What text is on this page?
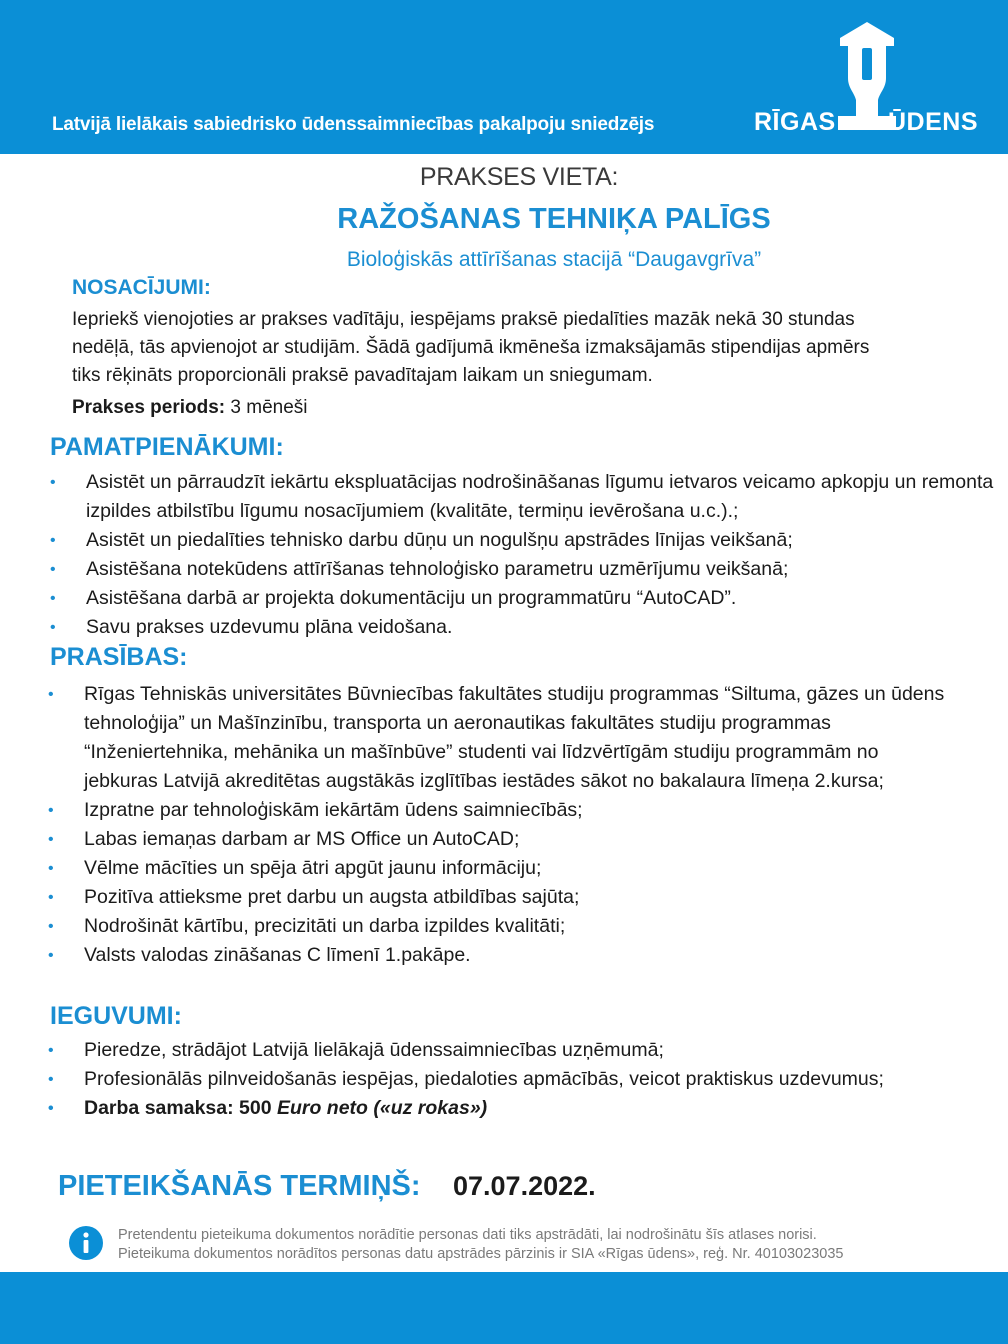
Latvijā lielākais sabiedrisko ūdenssaimniecības pakalpoju sniedzējs	RĪGAS ŪDENS
PRAKSES VIETA:
RAŽOŠANAS TEHNIĶA PALĪGS
Bioloģiskās attīrīšanas stacijā “Daugavgrīva”
NOSACĪJUMI:
Iepriekš vienojoties ar prakses vadītāju, iespējams praksē piedalīties mazāk nekā 30 stundas
nedēļā, tās apvienojot ar studijām. Šādā gadījumā ikmēneša izmaksājamās stipendijas apmērs
tiks rēķināts proporcionāli praksē pavadītajam laikam un sniegumam.
Prakses periods: 3 mēneši
PAMATPIENĀKUMI:
• Asistēt un pārraudzīt iekārtu ekspluatācijas nodrošināšanas līgumu ietvaros veicamo apkopju un remonta izpildes atbilstību līgumu nosacījumiem (kvalitāte, termiņu ievērošana u.c.).;
• Asistēt un piedalīties tehnisko darbu dūņu un nogulšņu apstrādes līnijas veikšanā;
• Asistēšana notekūdens attīrīšanas tehnoloģisko parametru uzmērījumu veikšanā;
• Asistēšana darbā ar projekta dokumentāciju un programmatūru “AutoCAD”.
• Savu prakses uzdevumu plāna veidošana.
PRASĪBAS:
• Rīgas Tehniskās universitātes Būvniecības fakultātes studiju programmas “Siltuma, gāzes un ūdens tehnoloģija” un Mašīnzinību, transporta un aeronautikas fakultātes studiju programmas “Inženiertehnika, mehānika un mašīnbūve” studenti vai līdzvērtīgām studiju programmām no jebkuras Latvijā akreditētas augstākās izglītības iestādes sākot no bakalaura līmeņa 2.kursa;
• Izpratne par tehnoloģiskām iekārtām ūdens saimniecībās;
• Labas iemaņas darbam ar MS Office un AutoCAD;
• Vēlme mācīties un spēja ātri apgūt jaunu informāciju;
• Pozitīva attieksme pret darbu un augsta atbildības sajūta;
• Nodrošināt kārtību, precizitāti un darba izpildes kvalitāti;
• Valsts valodas zināšanas C līmenī 1.pakāpe.
IEGUVUMI:
• Pieredze, strādājot Latvijā lielākajā ūdenssaimniecības uzņēmumā;
• Profesionālās pilnveidošanās iespējas, piedaloties apmācībās, veicot praktiskus uzdevumus;
• Darba samaksa: 500 Euro neto («uz rokas»)
PIETEIKŠANĀS TERMIŅŠ: 07.07.2022.
Pretendentu pieteikuma dokumentos norādītie personas dati tiks apstrādāti, lai nodrošinātu šīs atlases norisi.
Pieteikuma dokumentos norādītos personas datu apstrādes pārzinis ir SIA «Rīgas ūdens», reģ. Nr. 40103023035
